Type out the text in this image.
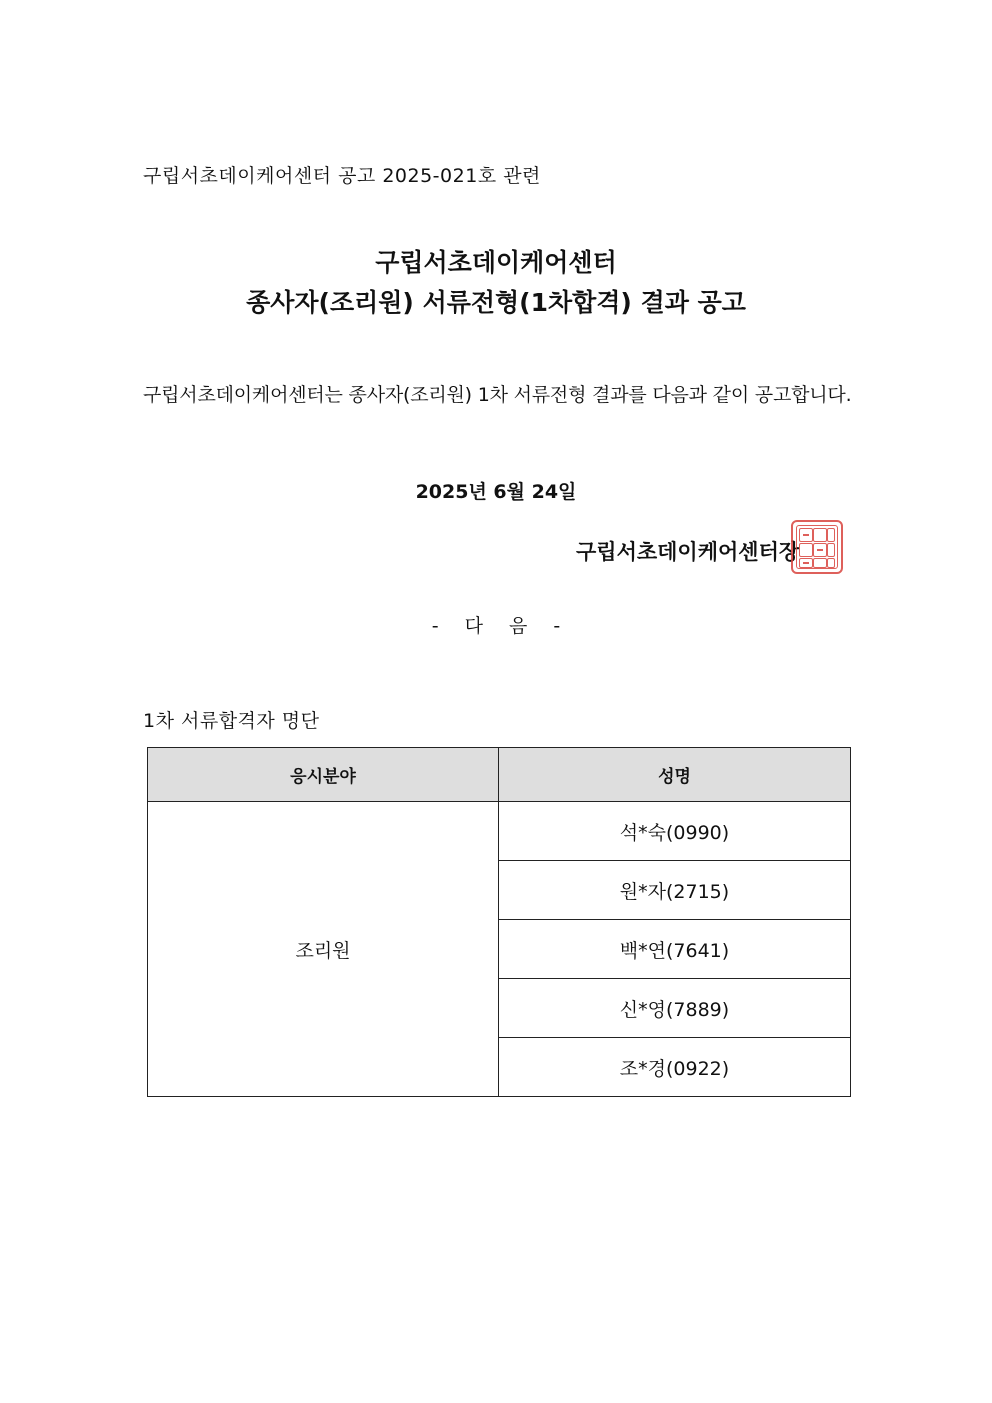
구립서초데이케어센터 공고 2025-021호 관련
구립서초데이케어센터
종사자(조리원) 서류전형(1차합격) 결과 공고
구립서초데이케어센터는 종사자(조리원) 1차 서류전형 결과를 다음과 같이 공고합니다.
2025년 6월 24일
구립서초데이케어센터장
- 다 음 -
1차 서류합격자 명단
응시분야	성명
조리원	석*숙(0990)
	원*자(2715)
	백*연(7641)
	신*영(7889)
	조*경(0922)
